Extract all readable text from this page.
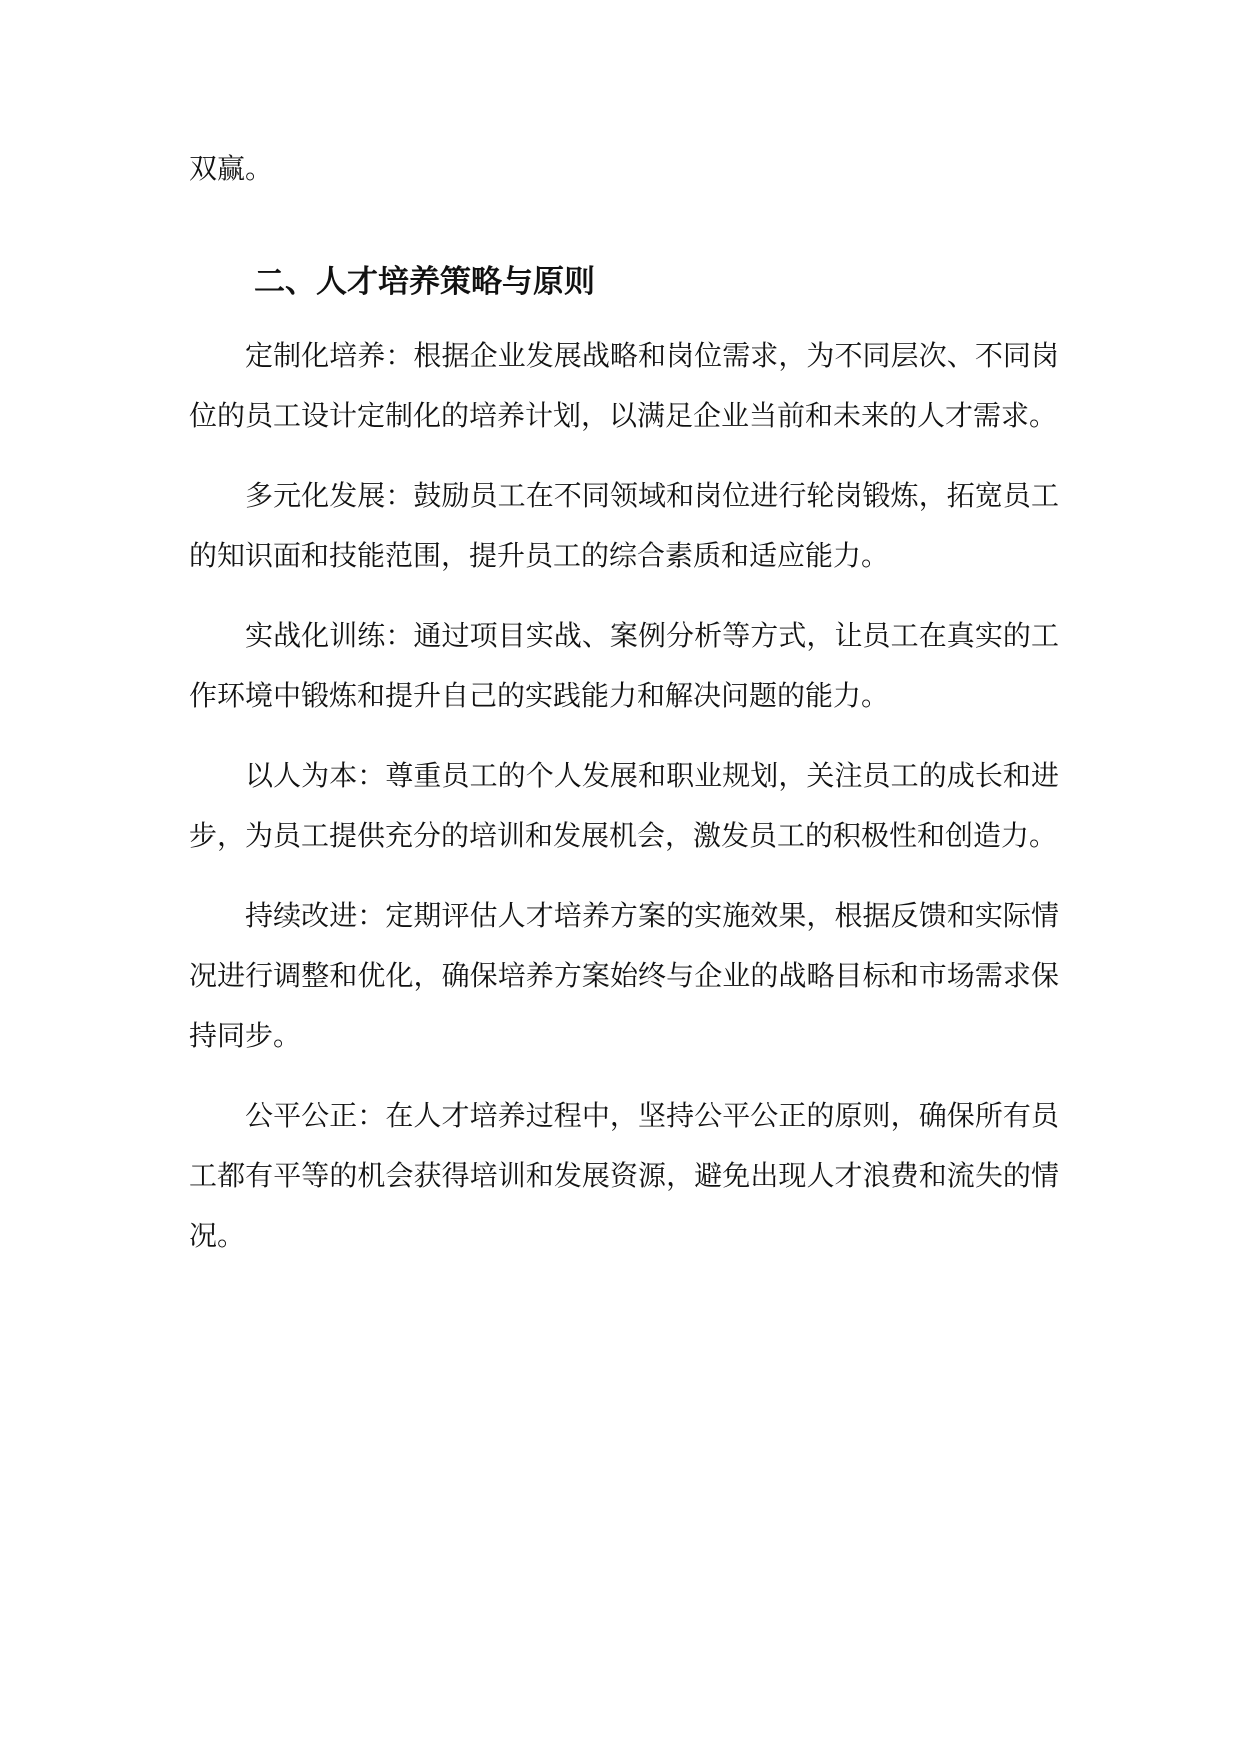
双赢。

二、人才培养策略与原则

定制化培养：根据企业发展战略和岗位需求，为不同层次、不同岗位的员工设计定制化的培养计划，以满足企业当前和未来的人才需求。

多元化发展：鼓励员工在不同领域和岗位进行轮岗锻炼，拓宽员工的知识面和技能范围，提升员工的综合素质和适应能力。

实战化训练：通过项目实战、案例分析等方式，让员工在真实的工作环境中锻炼和提升自己的实践能力和解决问题的能力。

以人为本：尊重员工的个人发展和职业规划，关注员工的成长和进步，为员工提供充分的培训和发展机会，激发员工的积极性和创造力。

持续改进：定期评估人才培养方案的实施效果，根据反馈和实际情况进行调整和优化，确保培养方案始终与企业的战略目标和市场需求保持同步。

公平公正：在人才培养过程中，坚持公平公正的原则，确保所有员工都有平等的机会获得培训和发展资源，避免出现人才浪费和流失的情况。
